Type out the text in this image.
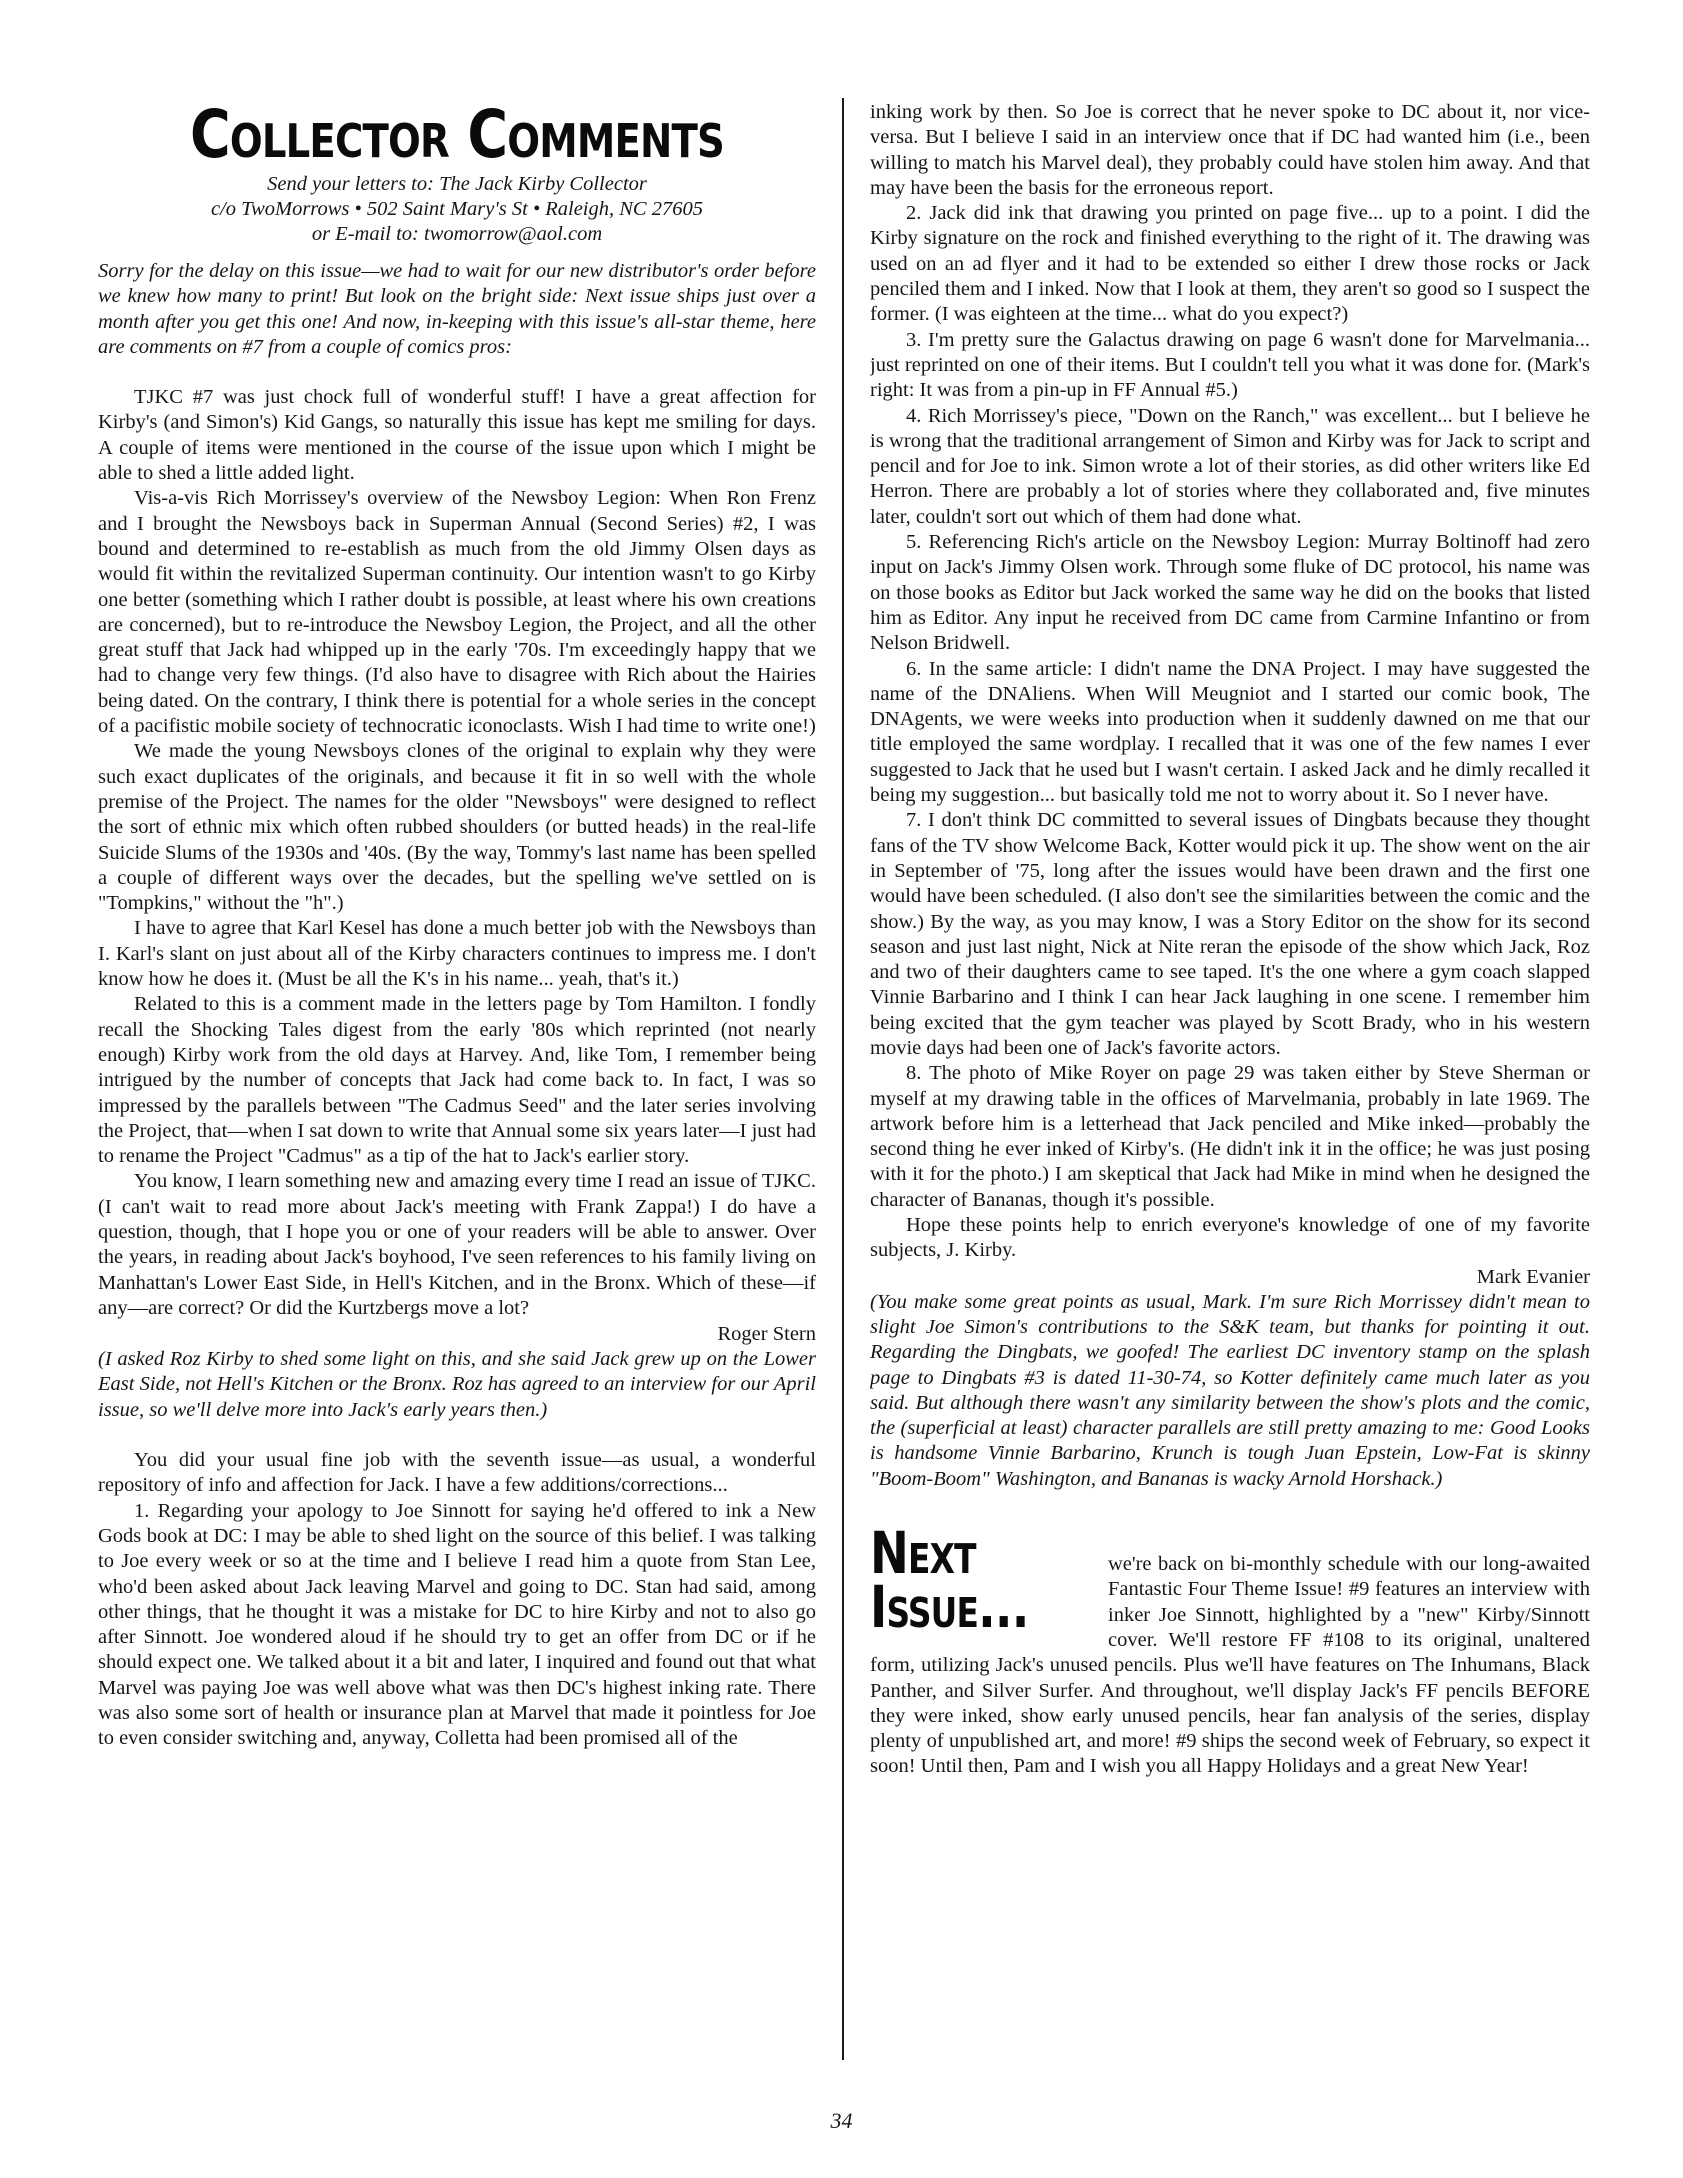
Collector Comments
Send your letters to: The Jack Kirby Collector
c/o TwoMorrows • 502 Saint Mary's St • Raleigh, NC 27605
or E-mail to: twomorrow@aol.com

Sorry for the delay on this issue—we had to wait for our new distributor's order before we knew how many to print! But look on the bright side: Next issue ships just over a month after you get this one! And now, in-keeping with this issue's all-star theme, here are comments on #7 from a couple of comics pros:

TJKC #7 was just chock full of wonderful stuff! I have a great affection for Kirby's (and Simon's) Kid Gangs, so naturally this issue has kept me smiling for days. A couple of items were mentioned in the course of the issue upon which I might be able to shed a little added light.

Vis-a-vis Rich Morrissey's overview of the Newsboy Legion: When Ron Frenz and I brought the Newsboys back in Superman Annual (Second Series) #2, I was bound and determined to re-establish as much from the old Jimmy Olsen days as would fit within the revitalized Superman continuity. Our intention wasn't to go Kirby one better (something which I rather doubt is possible, at least where his own creations are concerned), but to re-introduce the Newsboy Legion, the Project, and all the other great stuff that Jack had whipped up in the early '70s. I'm exceedingly happy that we had to change very few things. (I'd also have to disagree with Rich about the Hairies being dated. On the contrary, I think there is potential for a whole series in the concept of a pacifistic mobile society of technocratic iconoclasts. Wish I had time to write one!)

We made the young Newsboys clones of the original to explain why they were such exact duplicates of the originals, and because it fit in so well with the whole premise of the Project. The names for the older "Newsboys" were designed to reflect the sort of ethnic mix which often rubbed shoulders (or butted heads) in the real-life Suicide Slums of the 1930s and '40s. (By the way, Tommy's last name has been spelled a couple of different ways over the decades, but the spelling we've settled on is "Tompkins," without the "h".)

I have to agree that Karl Kesel has done a much better job with the Newsboys than I. Karl's slant on just about all of the Kirby characters continues to impress me. I don't know how he does it. (Must be all the K's in his name... yeah, that's it.)

Related to this is a comment made in the letters page by Tom Hamilton. I fondly recall the Shocking Tales digest from the early '80s which reprinted (not nearly enough) Kirby work from the old days at Harvey. And, like Tom, I remember being intrigued by the number of concepts that Jack had come back to. In fact, I was so impressed by the parallels between "The Cadmus Seed" and the later series involving the Project, that—when I sat down to write that Annual some six years later—I just had to rename the Project "Cadmus" as a tip of the hat to Jack's earlier story.

You know, I learn something new and amazing every time I read an issue of TJKC. (I can't wait to read more about Jack's meeting with Frank Zappa!) I do have a question, though, that I hope you or one of your readers will be able to answer. Over the years, in reading about Jack's boyhood, I've seen references to his family living on Manhattan's Lower East Side, in Hell's Kitchen, and in the Bronx. Which of these—if any—are correct? Or did the Kurtzbergs move a lot?

Roger Stern

(I asked Roz Kirby to shed some light on this, and she said Jack grew up on the Lower East Side, not Hell's Kitchen or the Bronx. Roz has agreed to an interview for our April issue, so we'll delve more into Jack's early years then.)

You did your usual fine job with the seventh issue—as usual, a wonderful repository of info and affection for Jack. I have a few additions/corrections...

1. Regarding your apology to Joe Sinnott for saying he'd offered to ink a New Gods book at DC: I may be able to shed light on the source of this belief. I was talking to Joe every week or so at the time and I believe I read him a quote from Stan Lee, who'd been asked about Jack leaving Marvel and going to DC. Stan had said, among other things, that he thought it was a mistake for DC to hire Kirby and not to also go after Sinnott. Joe wondered aloud if he should try to get an offer from DC or if he should expect one. We talked about it a bit and later, I inquired and found out that what Marvel was paying Joe was well above what was then DC's highest inking rate. There was also some sort of health or insurance plan at Marvel that made it pointless for Joe to even consider switching and, anyway, Colletta had been promised all of the

inking work by then. So Joe is correct that he never spoke to DC about it, nor vice-versa. But I believe I said in an interview once that if DC had wanted him (i.e., been willing to match his Marvel deal), they probably could have stolen him away. And that may have been the basis for the erroneous report.

2. Jack did ink that drawing you printed on page five... up to a point. I did the Kirby signature on the rock and finished everything to the right of it. The drawing was used on an ad flyer and it had to be extended so either I drew those rocks or Jack penciled them and I inked. Now that I look at them, they aren't so good so I suspect the former. (I was eighteen at the time... what do you expect?)

3. I'm pretty sure the Galactus drawing on page 6 wasn't done for Marvelmania... just reprinted on one of their items. But I couldn't tell you what it was done for. (Mark's right: It was from a pin-up in FF Annual #5.)

4. Rich Morrissey's piece, "Down on the Ranch," was excellent... but I believe he is wrong that the traditional arrangement of Simon and Kirby was for Jack to script and pencil and for Joe to ink. Simon wrote a lot of their stories, as did other writers like Ed Herron. There are probably a lot of stories where they collaborated and, five minutes later, couldn't sort out which of them had done what.

5. Referencing Rich's article on the Newsboy Legion: Murray Boltinoff had zero input on Jack's Jimmy Olsen work. Through some fluke of DC protocol, his name was on those books as Editor but Jack worked the same way he did on the books that listed him as Editor. Any input he received from DC came from Carmine Infantino or from Nelson Bridwell.

6. In the same article: I didn't name the DNA Project. I may have suggested the name of the DNAliens. When Will Meugniot and I started our comic book, The DNAgents, we were weeks into production when it suddenly dawned on me that our title employed the same wordplay. I recalled that it was one of the few names I ever suggested to Jack that he used but I wasn't certain. I asked Jack and he dimly recalled it being my suggestion... but basically told me not to worry about it. So I never have.

7. I don't think DC committed to several issues of Dingbats because they thought fans of the TV show Welcome Back, Kotter would pick it up. The show went on the air in September of '75, long after the issues would have been drawn and the first one would have been scheduled. (I also don't see the similarities between the comic and the show.) By the way, as you may know, I was a Story Editor on the show for its second season and just last night, Nick at Nite reran the episode of the show which Jack, Roz and two of their daughters came to see taped. It's the one where a gym coach slapped Vinnie Barbarino and I think I can hear Jack laughing in one scene. I remember him being excited that the gym teacher was played by Scott Brady, who in his western movie days had been one of Jack's favorite actors.

8. The photo of Mike Royer on page 29 was taken either by Steve Sherman or myself at my drawing table in the offices of Marvelmania, probably in late 1969. The artwork before him is a letterhead that Jack penciled and Mike inked—probably the second thing he ever inked of Kirby's. (He didn't ink it in the office; he was just posing with it for the photo.) I am skeptical that Jack had Mike in mind when he designed the character of Bananas, though it's possible.

Hope these points help to enrich everyone's knowledge of one of my favorite subjects, J. Kirby.

Mark Evanier

(You make some great points as usual, Mark. I'm sure Rich Morrissey didn't mean to slight Joe Simon's contributions to the S&K team, but thanks for pointing it out. Regarding the Dingbats, we goofed! The earliest DC inventory stamp on the splash page to Dingbats #3 is dated 11-30-74, so Kotter definitely came much later as you said. But although there wasn't any similarity between the show's plots and the comic, the (superficial at least) character parallels are still pretty amazing to me: Good Looks is handsome Vinnie Barbarino, Krunch is tough Juan Epstein, Low-Fat is skinny "Boom-Boom" Washington, and Bananas is wacky Arnold Horshack.)

Next Issue...
we're back on bi-monthly schedule with our long-awaited Fantastic Four Theme Issue! #9 features an interview with inker Joe Sinnott, highlighted by a "new" Kirby/Sinnott cover. We'll restore FF #108 to its original, unaltered form, utilizing Jack's unused pencils. Plus we'll have features on The Inhumans, Black Panther, and Silver Surfer. And throughout, we'll display Jack's FF pencils BEFORE they were inked, show early unused pencils, hear fan analysis of the series, display plenty of unpublished art, and more! #9 ships the second week of February, so expect it soon! Until then, Pam and I wish you all Happy Holidays and a great New Year!
34
